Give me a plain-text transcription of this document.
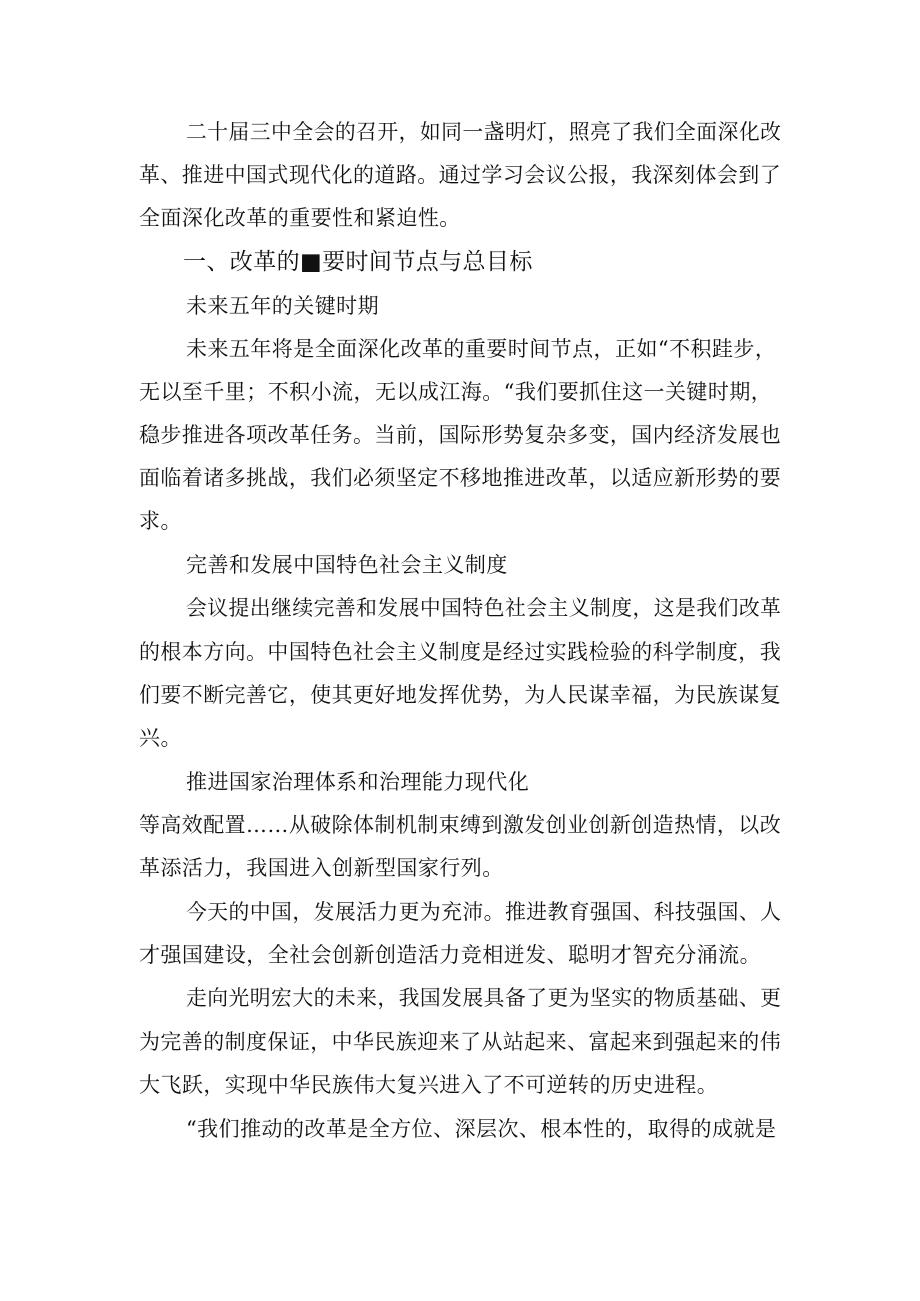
二十届三中全会的召开，如同一盏明灯，照亮了我们全面深化改
革、推进中国式现代化的道路。通过学习会议公报，我深刻体会到了
全面深化改革的重要性和紧迫性。
一、改革的■要时间节点与总目标
未来五年的关键时期
未来五年将是全面深化改革的重要时间节点，正如“不积跬步，
无以至千里；不积小流，无以成江海。“我们要抓住这一关键时期，
稳步推进各项改革任务。当前，国际形势复杂多变，国内经济发展也
面临着诸多挑战，我们必须坚定不移地推进改革，以适应新形势的要
求。
完善和发展中国特色社会主义制度
会议提出继续完善和发展中国特色社会主义制度，这是我们改革
的根本方向。中国特色社会主义制度是经过实践检验的科学制度，我
们要不断完善它，使其更好地发挥优势，为人民谋幸福，为民族谋复
兴。
推进国家治理体系和治理能力现代化
等高效配置……从破除体制机制束缚到激发创业创新创造热情，以改
革添活力，我国进入创新型国家行列。
今天的中国，发展活力更为充沛。推进教育强国、科技强国、人
才强国建设，全社会创新创造活力竞相迸发、聪明才智充分涌流。
走向光明宏大的未来，我国发展具备了更为坚实的物质基础、更
为完善的制度保证，中华民族迎来了从站起来、富起来到强起来的伟
大飞跃，实现中华民族伟大复兴进入了不可逆转的历史进程。
“我们推动的改革是全方位、深层次、根本性的，取得的成就是
